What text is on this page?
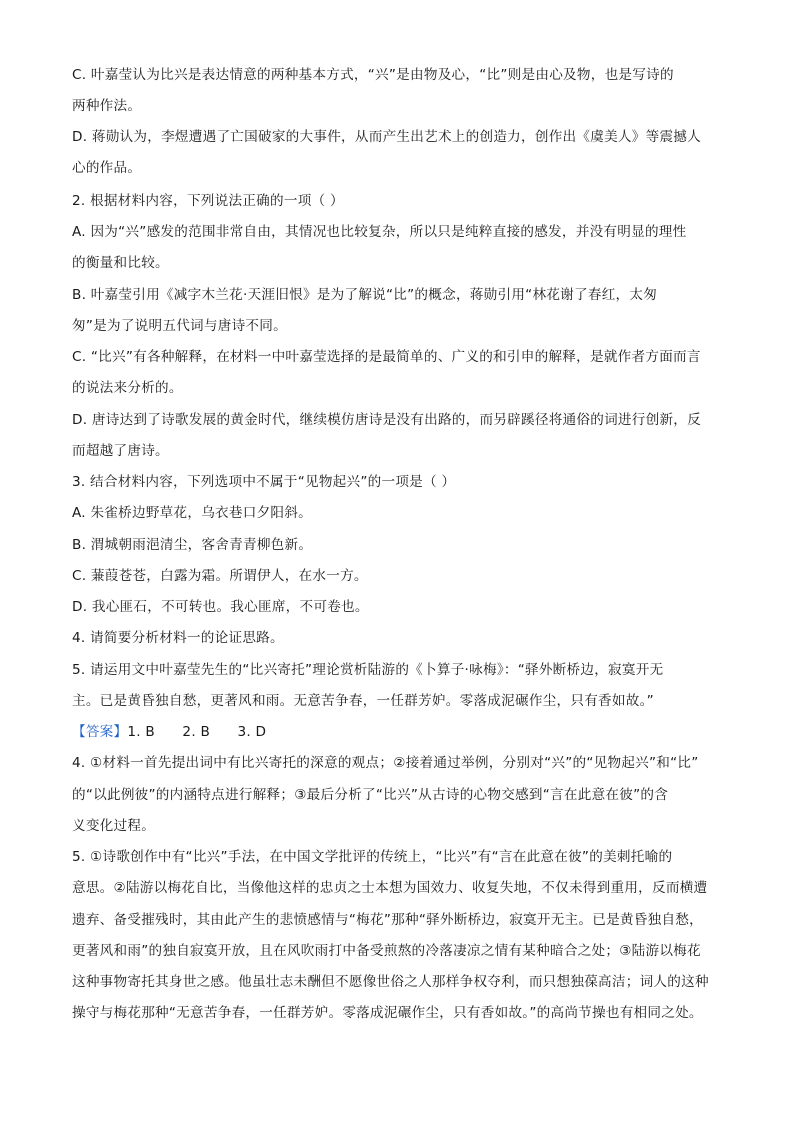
C. 叶嘉莹认为比兴是表达情意的两种基本方式，“兴”是由物及心，“比”则是由心及物，也是写诗的
两种作法。
D. 蒋勋认为，李煜遭遇了亡国破家的大事件，从而产生出艺术上的创造力，创作出《虞美人》等震撼人
心的作品。
2. 根据材料内容，下列说法正确的一项（ ）
A. 因为“兴”感发的范围非常自由，其情况也比较复杂，所以只是纯粹直接的感发，并没有明显的理性
的衡量和比较。
B. 叶嘉莹引用《减字木兰花·天涯旧恨》是为了解说“比”的概念，蒋勋引用“林花谢了春红，太匆
匆”是为了说明五代词与唐诗不同。
C. “比兴”有各种解释，在材料一中叶嘉莹选择的是最简单的、广义的和引申的解释，是就作者方面而言
的说法来分析的。
D. 唐诗达到了诗歌发展的黄金时代，继续模仿唐诗是没有出路的，而另辟蹊径将通俗的词进行创新，反
而超越了唐诗。
3. 结合材料内容，下列选项中不属于“见物起兴”的一项是（ ）
A. 朱雀桥边野草花，乌衣巷口夕阳斜。
B. 渭城朝雨浥清尘，客舍青青柳色新。
C. 蒹葭苍苍，白露为霜。所谓伊人，在水一方。
D. 我心匪石，不可转也。我心匪席，不可卷也。
4. 请简要分析材料一的论证思路。
5. 请运用文中叶嘉莹先生的“比兴寄托”理论赏析陆游的《卜算子·咏梅》：“驿外断桥边，寂寞开无
主。已是黄昏独自愁，更著风和雨。无意苦争春，一任群芳妒。零落成泥碾作尘，只有香如故。”
【答案】1. B      2. B      3. D
4. ①材料一首先提出词中有比兴寄托的深意的观点；②接着通过举例，分别对“兴”的“见物起兴”和“比”
的“以此例彼”的内涵特点进行解释；③最后分析了“比兴”从古诗的心物交感到“言在此意在彼”的含
义变化过程。
5. ①诗歌创作中有“比兴”手法，在中国文学批评的传统上，“比兴”有“言在此意在彼”的美刺托喻的
意思。②陆游以梅花自比，当像他这样的忠贞之士本想为国效力、收复失地，不仅未得到重用，反而横遭
遗弃、备受摧残时，其由此产生的悲愤感情与“梅花”那种“驿外断桥边，寂寞开无主。已是黄昏独自愁，
更著风和雨”的独自寂寞开放，且在风吹雨打中备受煎熬的冷落凄凉之情有某种暗合之处；③陆游以梅花
这种事物寄托其身世之感。他虽壮志未酬但不愿像世俗之人那样争权夺利，而只想独葆高洁；词人的这种
操守与梅花那种“无意苦争春，一任群芳妒。零落成泥碾作尘，只有香如故。”的高尚节操也有相同之处。
